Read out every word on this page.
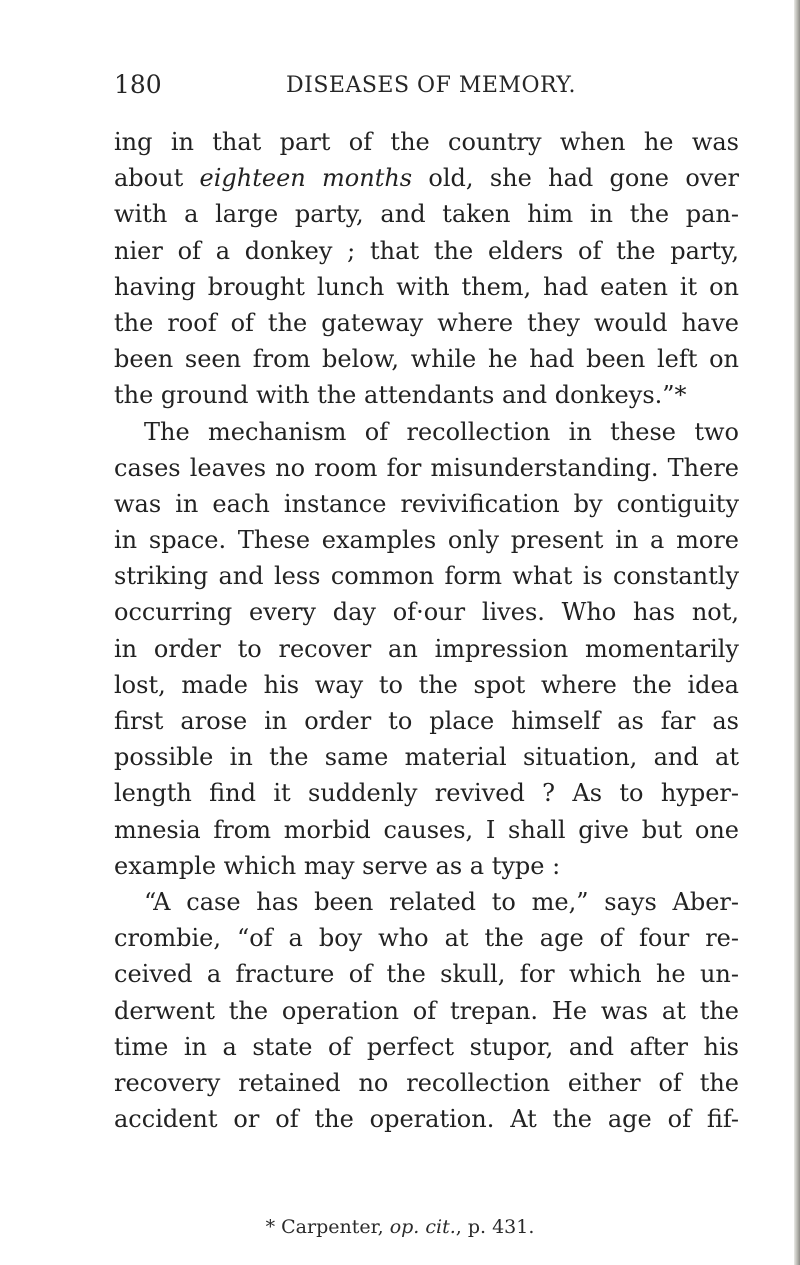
180	DISEASES OF MEMORY.
ing in that part of the country when he was
about eighteen months old, she had gone over
with a large party, and taken him in the pan-
nier of a donkey ; that the elders of the party,
having brought lunch with them, had eaten it on
the roof of the gateway where they would have
been seen from below, while he had been left on
the ground with the attendants and donkeys.”*
The mechanism of recollection in these two
cases leaves no room for misunderstanding. There
was in each instance revivification by contiguity
in space. These examples only present in a more
striking and less common form what is constantly
occurring every day of·our lives. Who has not,
in order to recover an impression momentarily
lost, made his way to the spot where the idea
first arose in order to place himself as far as
possible in the same material situation, and at
length find it suddenly revived ? As to hyper-
mnesia from morbid causes, I shall give but one
example which may serve as a type :
“A case has been related to me,” says Aber-
crombie, “of a boy who at the age of four re-
ceived a fracture of the skull, for which he un-
derwent the operation of trepan. He was at the
time in a state of perfect stupor, and after his
recovery retained no recollection either of the
accident or of the operation. At the age of fif-
* Carpenter, op. cit., p. 431.
